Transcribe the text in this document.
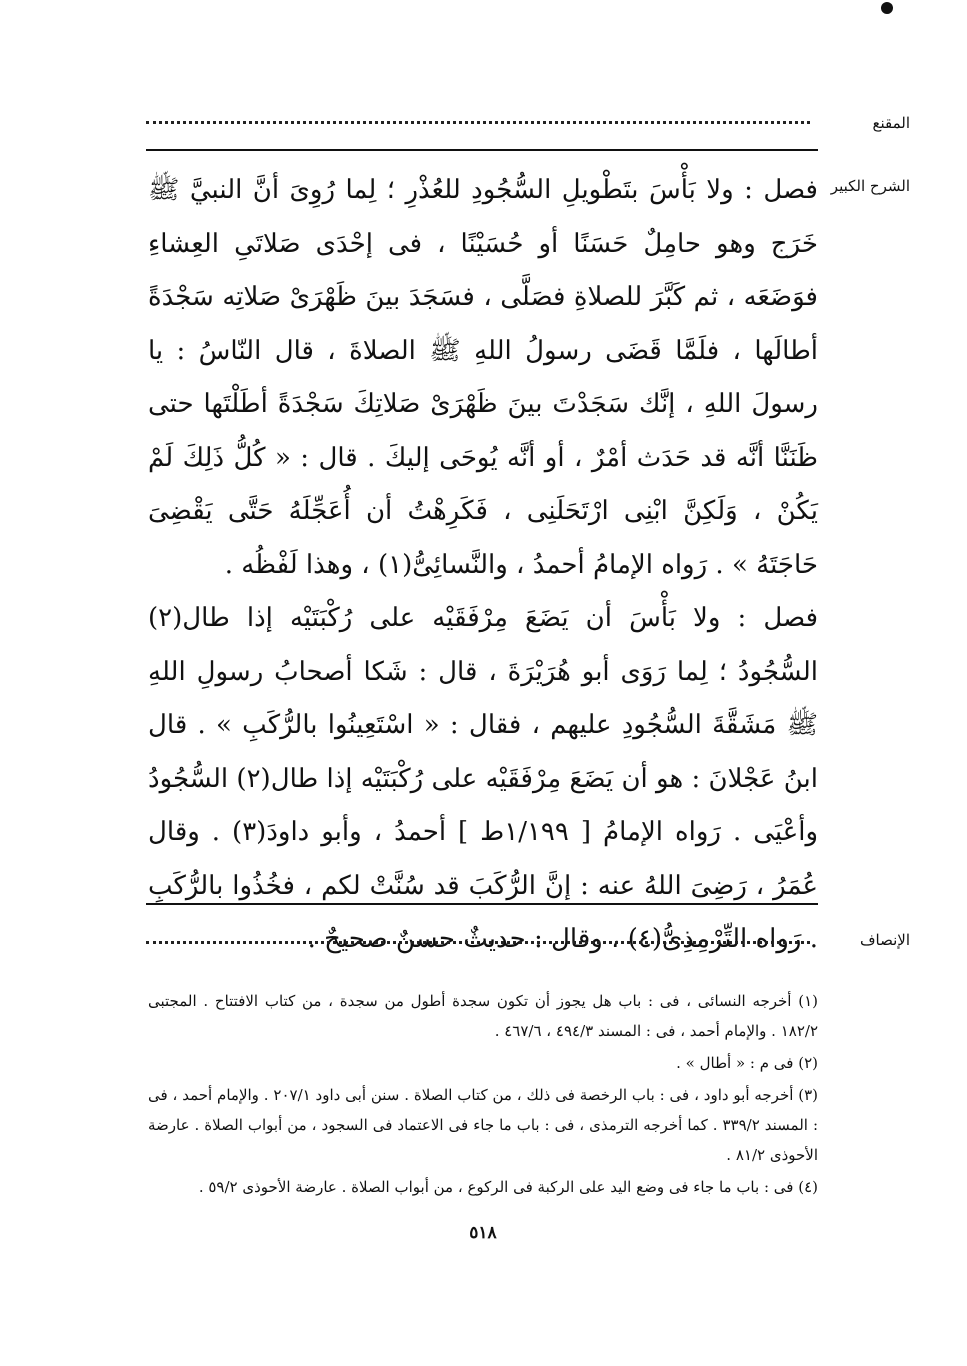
المقنع
الشرح الكبير

فصل : ولا بَأْسَ بتَطْويلِ السُّجُودِ للعُذْرِ ؛ لِما رُوِىَ أنَّ النبيَّ ﷺ خَرَج وهو حامِلٌ حَسَنًا أو حُسَيْنًا ، فى إحْدَى صَلاتَىِ العِشاءِ فوَضَعَه ، ثم كَبَّرَ للصلاةِ فصَلَّى ، فسَجَدَ بينَ ظَهْرَىْ صَلاتِه سَجْدَةً أطالَها ، فلَمَّا قَضَى رسولُ اللهِ ﷺ الصلاةَ ، قال النّاسُ : يا رسولَ اللهِ ، إنَّك سَجَدْتَ بينَ ظَهْرَىْ صَلاتِكَ سَجْدَةً أطَلْتَها حتى ظَنَنَّا أنَّه قد حَدَث أمْرٌ ، أو أنَّه يُوحَى إليكَ . قال : « كُلُّ ذَلِكَ لَمْ يَكُنْ ، وَلَكِنَّ ابْنِى ارْتَحَلَنِى ، فَكَرِهْتُ أن أُعَجِّلَهُ حَتَّى يَقْضِىَ حَاجَتَهُ » . رَواه الإمامُ أحمدُ ، والنَّسائِىُّ(١) ، وهذا لَفْظُه .

فصل : ولا بَأْسَ أن يَضَعَ مِرْفَقَيْه على رُكْبَتَيْه إذا طال(٢) السُّجُودُ ؛ لِما رَوَى أبو هُرَيْرَةَ ، قال : شَكا أصحابُ رسولِ اللهِ ﷺ مَشَقَّةَ السُّجُودِ عليهم ، فقال : « اسْتَعِينُوا بالرُّكَبِ » . قال ابنُ عَجْلانَ : هو أن يَضَعَ مِرْفَقَيْه على رُكْبَتَيْه إذا طال(٢) السُّجُودُ وأعْيَى . رَواه الإمامُ [ ١/١٩٩ط ] أحمدُ ، وأبو داودَ(٣) . وقال عُمَرُ ، رَضِىَ اللهُ عنه : إنَّ الرُّكَبَ قد سُنَّتْ لكم ، فخُذُوا بالرُّكَبِ . رَواه التِّرْمِذِىُّ(٤) ، وقال : حديثٌ حسنٌ صحيحٌ .	الإنصاف
(١) أخرجه النسائى ، فى : باب هل يجوز أن تكون سجدة أطول من سجدة ، من كتاب الافتتاح . المجتبى ١٨٢/٢ . والإمام أحمد ، فى : المسند ٤٩٤/٣ ، ٤٦٧/٦ .
(٢) فى م : « أطال » .
(٣) أخرجه أبو داود ، فى : باب الرخصة فى ذلك ، من كتاب الصلاة . سنن أبى داود ٢٠٧/١ . والإمام أحمد ، فى : المسند ٣٣٩/٢ . كما أخرجه الترمذى ، فى : باب ما جاء فى الاعتماد فى السجود ، من أبواب الصلاة . عارضة الأحوذى ٨١/٢ .
(٤) فى : باب ما جاء فى وضع اليد على الركبة فى الركوع ، من أبواب الصلاة . عارضة الأحوذى ٥٩/٢ .
٥١٨
